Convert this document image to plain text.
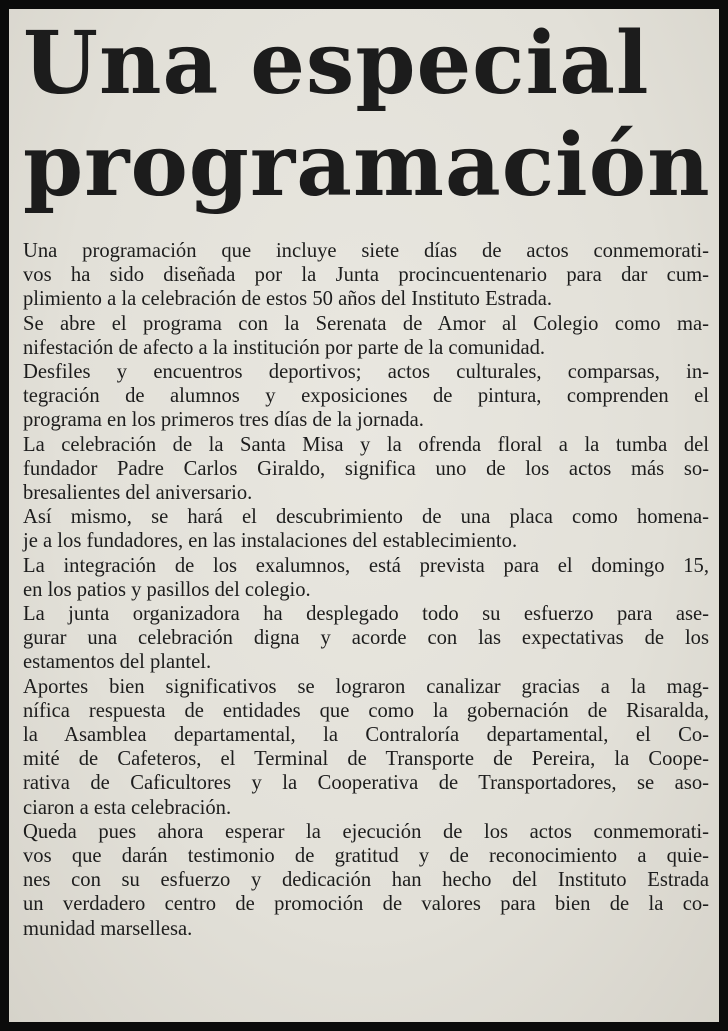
Una especial
programación
Una programación que incluye siete días de actos conmemorati-
vos ha sido diseñada por la Junta procincuentenario para dar cum-
plimiento a la celebración de estos 50 años del Instituto Estrada.
Se abre el programa con la Serenata de Amor al Colegio como ma-
nifestación de afecto a la institución por parte de la comunidad.
Desfiles y encuentros deportivos; actos culturales, comparsas, in-
tegración de alumnos y exposiciones de pintura, comprenden el
programa en los primeros tres días de la jornada.
La celebración de la Santa Misa y la ofrenda floral a la tumba del
fundador Padre Carlos Giraldo, significa uno de los actos más so-
bresalientes del aniversario.
Así mismo, se hará el descubrimiento de una placa como homena-
je a los fundadores, en las instalaciones del establecimiento.
La integración de los exalumnos, está prevista para el domingo 15,
en los patios y pasillos del colegio.
La junta organizadora ha desplegado todo su esfuerzo para ase-
gurar una celebración digna y acorde con las expectativas de los
estamentos del plantel.
Aportes bien significativos se lograron canalizar gracias a la mag-
nífica respuesta de entidades que como la gobernación de Risaralda,
la Asamblea departamental, la Contraloría departamental, el Co-
mité de Cafeteros, el Terminal de Transporte de Pereira, la Coope-
rativa de Caficultores y la Cooperativa de Transportadores, se aso-
ciaron a esta celebración.
Queda pues ahora esperar la ejecución de los actos conmemorati-
vos que darán testimonio de gratitud y de reconocimiento a quie-
nes con su esfuerzo y dedicación han hecho del Instituto Estrada
un verdadero centro de promoción de valores para bien de la co-
munidad marsellesa.
